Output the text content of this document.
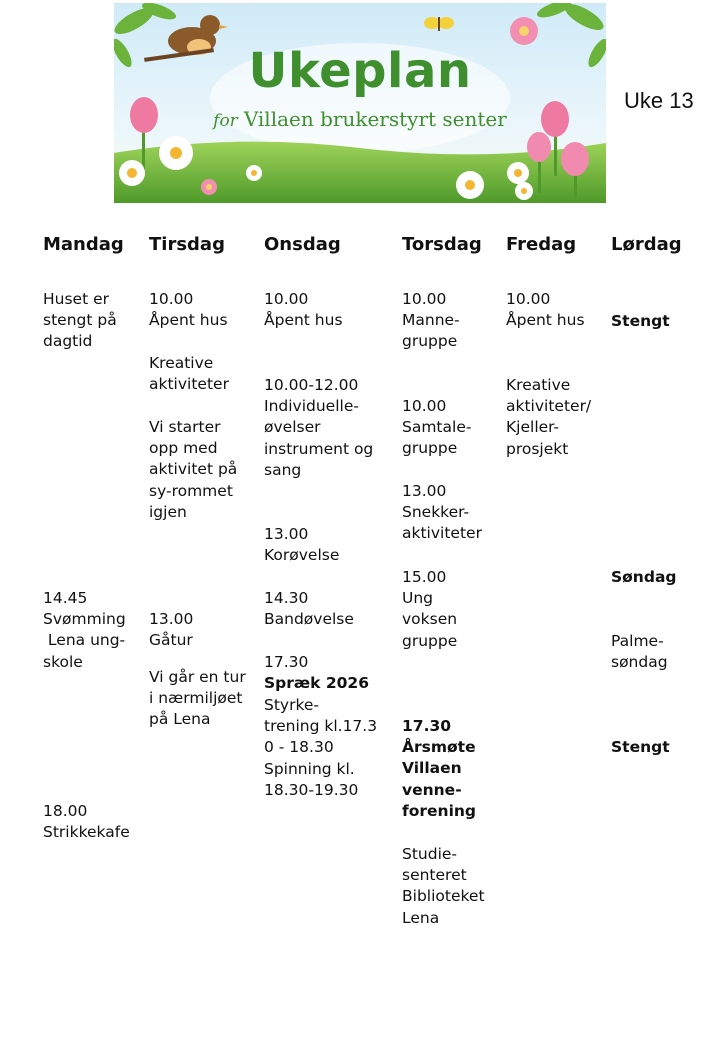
Ukeplan
for Villaen brukerstyrt senter
Uke 13
Mandag Tirsdag Onsdag	Torsdag Fredag Lørdag
Huset er
stengt på
dagtid
14.45
Svømming
Lena ung-
skole
18.00
Strikkekafe
10.00
Åpent hus
Kreative
aktiviteter
Vi starter
opp med
aktivitet på
sy-rommet
igjen
13.00
Gåtur
Vi går en tur
i nærmiljøet
på Lena
10.00
Åpent hus
10.00-12.00
Individuelle-
øvelser
instrument og
sang
13.00
Korøvelse
14.30
Bandøvelse
17.30
Spræk 2026
Styrke-
trening kl.17.3
0 - 18.30
Spinning kl.
18.30-19.30
10.00
Manne-
gruppe
10.00
Samtale-
gruppe
13.00
Snekker-
aktiviteter
15.00
Ung
voksen
gruppe
17.30
Årsmøte
Villaen
venne-
forening
Studie-
senteret
Biblioteket
Lena
10.00
Åpent hus
Kreative
aktiviteter/
Kjeller-
prosjekt
Stengt
Søndag
Palme-
søndag
Stengt
